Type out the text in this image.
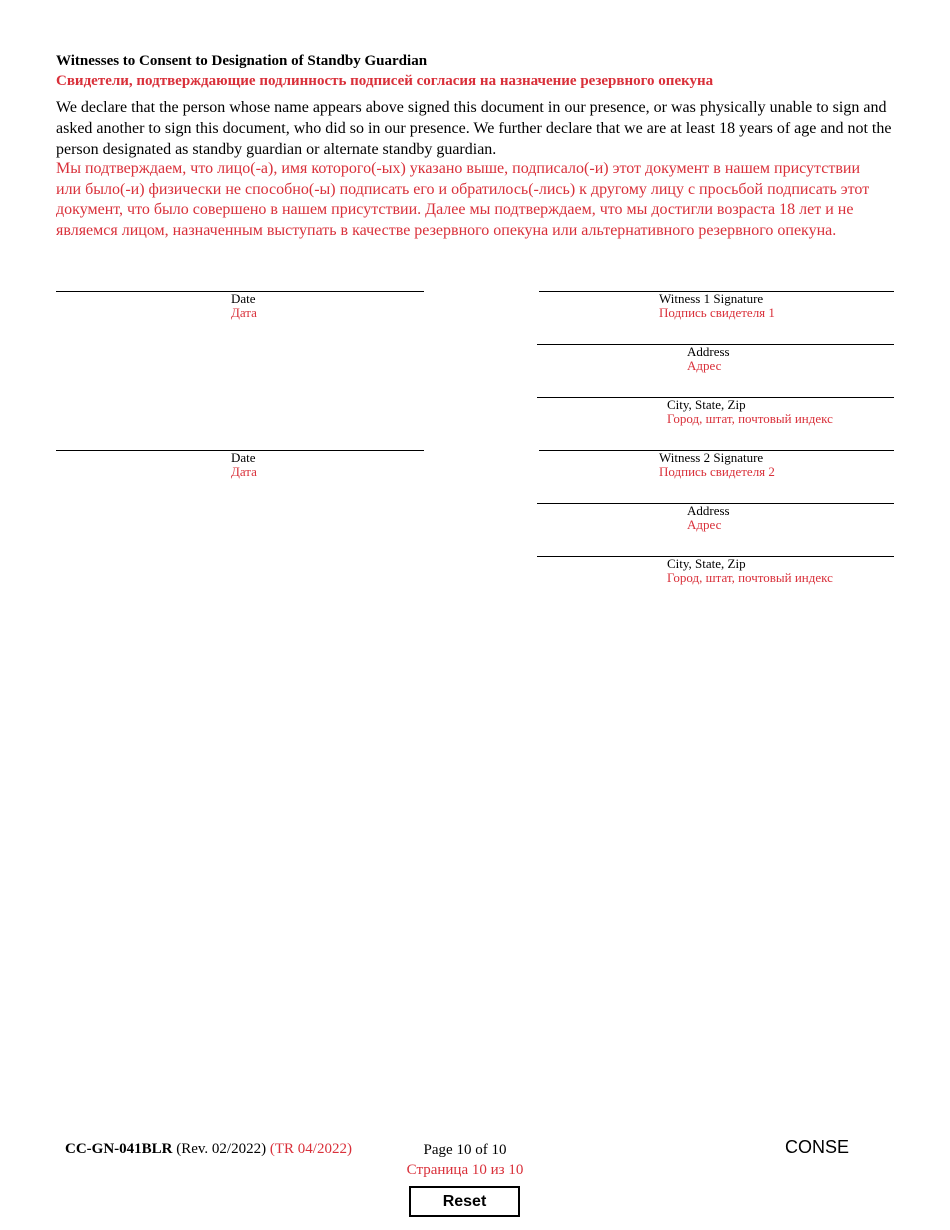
Witnesses to Consent to Designation of Standby Guardian
Свидетели, подтверждающие подлинность подписей согласия на назначение резервного опекуна
We declare that the person whose name appears above signed this document in our presence, or was physically unable to sign and asked another to sign this document, who did so in our presence. We further declare that we are at least 18 years of age and not the person designated as standby guardian or alternate standby guardian.
Мы подтверждаем, что лицо(-а), имя которого(-ых) указано выше, подписало(-и) этот документ в нашем присутствии или было(-и) физически не способно(-ы) подписать его и обратилось(-лись) к другому лицу с просьбой подписать этот документ, что было совершено в нашем присутствии. Далее мы подтверждаем, что мы достигли возраста 18 лет и не являемся лицом, назначенным выступать в качестве резервного опекуна или альтернативного резервного опекуна.
Date
Дата
Witness 1 Signature
Подпись свидетеля 1
Address
Адрес
City, State, Zip
Город, штат, почтовый индекс
Date
Дата
Witness 2 Signature
Подпись свидетеля 2
Address
Адрес
City, State, Zip
Город, штат, почтовый индекс
CC-GN-041BLR (Rev. 02/2022) (TR 04/2022)	Page 10 of 10
Страница 10 из 10
CONSE
Reset
